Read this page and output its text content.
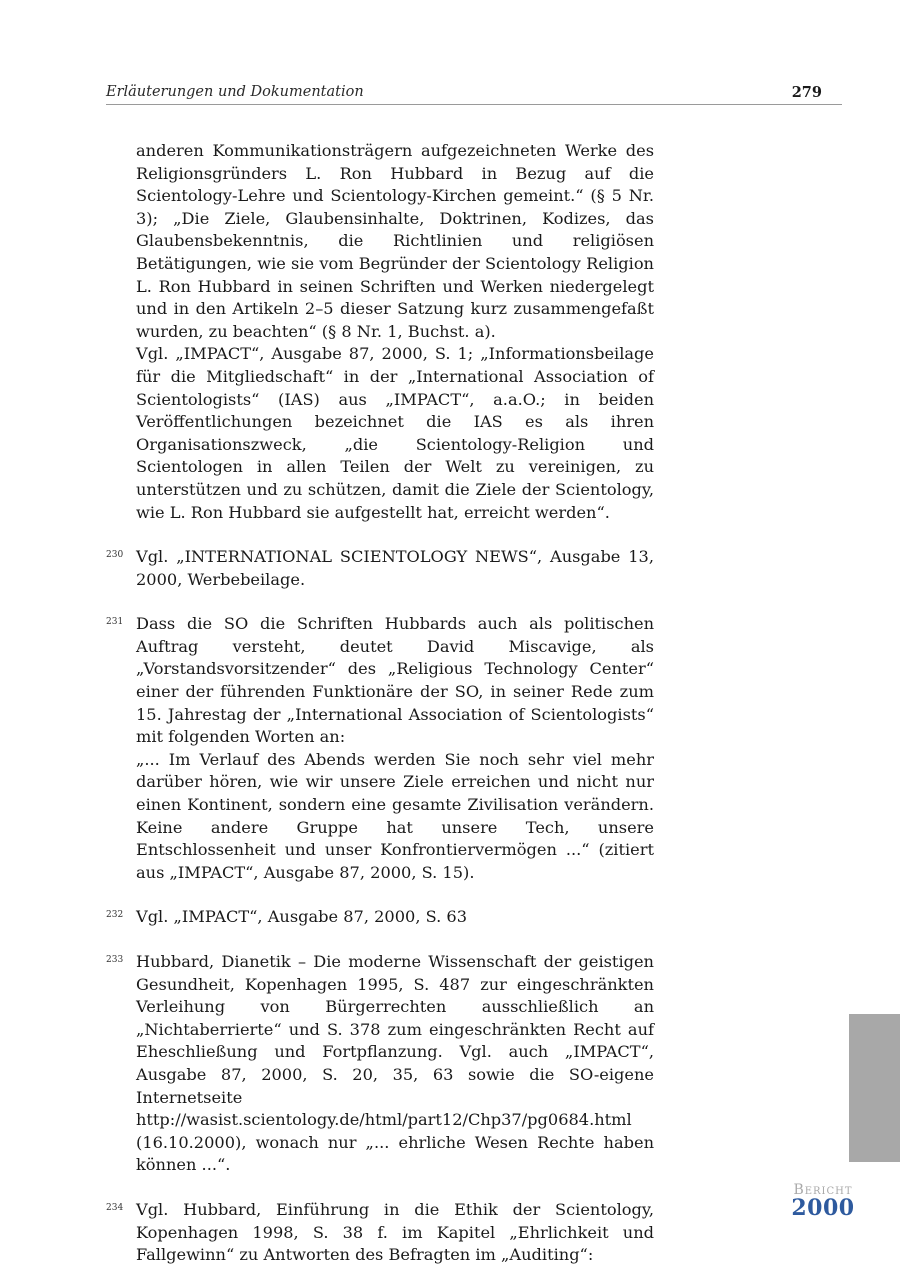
Erläuterungen und Dokumentation	279
anderen Kommunikationsträgern aufgezeichneten Werke des Religionsgründers L. Ron Hubbard in Bezug auf die Scientology-Lehre und Scientology-Kirchen gemeint.“ (§ 5 Nr. 3); „Die Ziele, Glaubensinhalte, Doktrinen, Kodizes, das Glaubensbekenntnis, die Richtlinien und religiösen Betätigungen, wie sie vom Begründer der Scientology Religion L. Ron Hubbard in seinen Schriften und Werken niedergelegt und in den Artikeln 2–5 dieser Satzung kurz zusammengefaßt wurden, zu beachten“ (§ 8 Nr. 1, Buchst. a).
Vgl. „IMPACT“, Ausgabe 87, 2000, S. 1; „Informationsbeilage für die Mitgliedschaft“ in der „International Association of Scientologists“ (IAS) aus „IMPACT“, a.a.O.; in beiden Veröffentlichungen bezeichnet die IAS es als ihren Organisationszweck, „die Scientology-Religion und Scientologen in allen Teilen der Welt zu vereinigen, zu unterstützen und zu schützen, damit die Ziele der Scientology, wie L. Ron Hubbard sie aufgestellt hat, erreicht werden“.
230 Vgl. „INTERNATIONAL SCIENTOLOGY NEWS“, Ausgabe 13, 2000, Werbebeilage.
231 Dass die SO die Schriften Hubbards auch als politischen Auftrag versteht, deutet David Miscavige, als „Vorstandsvorsitzender“ des „Religious Technology Center“ einer der führenden Funktionäre der SO, in seiner Rede zum 15. Jahrestag der „International Association of Scientologists“ mit folgenden Worten an:
„... Im Verlauf des Abends werden Sie noch sehr viel mehr darüber hören, wie wir unsere Ziele erreichen und nicht nur einen Kontinent, sondern eine gesamte Zivilisation verändern. Keine andere Gruppe hat unsere Tech, unsere Entschlossenheit und unser Konfrontiervermögen ...“ (zitiert aus „IMPACT“, Ausgabe 87, 2000, S. 15).
232 Vgl. „IMPACT“, Ausgabe 87, 2000, S. 63
233 Hubbard, Dianetik – Die moderne Wissenschaft der geistigen Gesundheit, Kopenhagen 1995, S. 487 zur eingeschränkten Verleihung von Bürgerrechten ausschließlich an „Nichtaberrierte“ und S. 378 zum eingeschränkten Recht auf Eheschließung und Fortpflanzung. Vgl. auch „IMPACT“, Ausgabe 87, 2000, S. 20, 35, 63 sowie die SO-eigene Internetseite http://wasist.scientology.de/html/part12/Chp37/pg0684.html (16.10.2000), wonach nur „... ehrliche Wesen Rechte haben können ...“.
234 Vgl. Hubbard, Einführung in die Ethik der Scientology, Kopenhagen 1998, S. 38 f. im Kapitel „Ehrlichkeit und Fallgewinn“ zu Antworten des Befragten im „Auditing“:
Bericht
2000
